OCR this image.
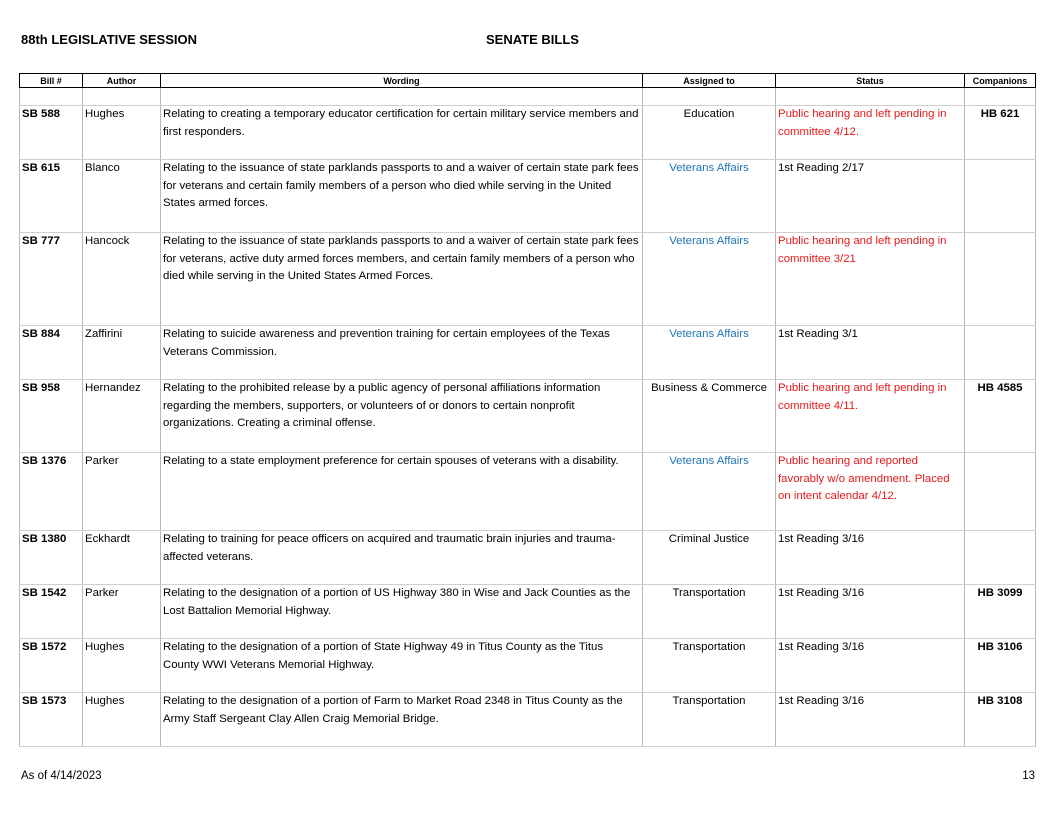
88th LEGISLATIVE SESSION	SENATE BILLS
Bill #	Author	Wording	Assigned to	Status	Companions

SB 588	Hughes	Relating to creating a temporary educator certification for certain military service members and first responders.	Education	Public hearing and left pending in committee 4/12.	HB 621

SB 615	Blanco	Relating to the issuance of state parklands passports to and a waiver of certain state park fees for veterans and certain family members of a person who died while serving in the United States armed forces.	Veterans Affairs	1st Reading 2/17	

SB 777	Hancock	Relating to the issuance of state parklands passports to and a waiver of certain state park fees for veterans, active duty armed forces members, and certain family members of a person who died while serving in the United States Armed Forces.	Veterans Affairs	Public hearing and left pending in committee 3/21	

SB 884	Zaffirini	Relating to suicide awareness and prevention training for certain employees of the Texas Veterans Commission.	Veterans Affairs	1st Reading 3/1	

SB 958	Hernandez	Relating to the prohibited release by a public agency of personal affiliations information regarding the members, supporters, or volunteers of or donors to certain nonprofit organizations. Creating a criminal offense.	Business & Commerce	Public hearing and left pending in committee 4/11.	HB 4585

SB 1376	Parker	Relating to a state employment preference for certain spouses of veterans with a disability.	Veterans Affairs	Public hearing and reported favorably w/o amendment. Placed on intent calendar 4/12.	

SB 1380	Eckhardt	Relating to training for peace officers on acquired and traumatic brain injuries and trauma-affected veterans.	Criminal Justice	1st Reading 3/16	

SB 1542	Parker	Relating to the designation of a portion of US Highway 380 in Wise and Jack Counties as the Lost Battalion Memorial Highway.	Transportation	1st Reading 3/16	HB 3099

SB 1572	Hughes	Relating to the designation of a portion of State Highway 49 in Titus County as the Titus County WWI Veterans Memorial Highway.	Transportation	1st Reading 3/16	HB 3106

SB 1573	Hughes	Relating to the designation of a portion of Farm to Market Road 2348 in Titus County as the Army Staff Sergeant Clay Allen Craig Memorial Bridge.	Transportation	1st Reading 3/16	HB 3108

As of 4/14/2023	13
